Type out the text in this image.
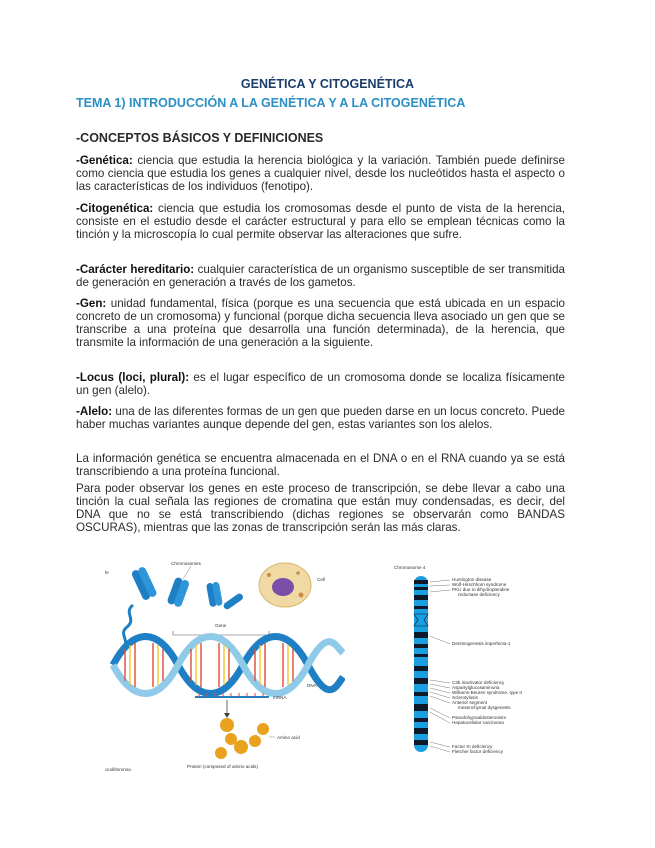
GENÉTICA Y CITOGENÉTICA
TEMA 1) INTRODUCCIÓN A LA GENÉTICA Y A LA CITOGENÉTICA
-CONCEPTOS BÁSICOS Y DEFINICIONES
-Genética: ciencia que estudia la herencia biológica y la variación. También puede definirse como ciencia que estudia los genes a cualquier nivel, desde los nucleótidos hasta el aspecto o las características de los individuos (fenotipo).
-Citogenética: ciencia que estudia los cromosomas desde el punto de vista de la herencia, consiste en el estudio desde el carácter estructural y para ello se emplean técnicas como la tinción y la microscopía lo cual permite observar las alteraciones que sufre.
-Carácter hereditario: cualquier característica de un organismo susceptible de ser transmitida de generación en generación a través de los gametos.
-Gen: unidad fundamental, física (porque es una secuencia que está ubicada en un espacio concreto de un cromosoma) y funcional (porque dicha secuencia lleva asociado un gen que se transcribe a una proteína que desarrolla una función determinada), de la herencia, que transmite la información de una generación a la siguiente.
-Locus (loci, plural): es el lugar específico de un cromosoma donde se localiza físicamente un gen (alelo).
-Alelo: una de las diferentes formas de un gen que pueden darse en un locus concreto. Puede haber muchas variantes aunque depende del gen, estas variantes son los alelos.
La información genética se encuentra almacenada en el DNA o en el RNA cuando ya se está transcribiendo a una proteína funcional.
Para poder observar los genes en este proceso de transcripción, se debe llevar a cabo una tinción la cual señala las regiones de cromatina que están muy condensadas, es decir, del DNA que no se está transcribiendo (dichas regiones se observarán como BANDAS OSCURAS), mientras que las zonas de transcripción serán las más claras.
fe
Chromosomes
Cell
Gene
DNA
mRNA
Amino acid
Protein (composed of amino acids)
ocolllmmnna
Chromosome 4
Huntington disease
Wolf-Hirschhorn syndrome
PKU due to dihydropteridine
reductase deficiency
Dentinogenesis imperfecta-1
C3b inactivator deficiency
Aspartylglucosaminuria
Williams-Beuren syndrome, type II
Sclerotylosis
Anterior segment
mesenchymal dysgenesis
Pseudohypoaldosteronism
Hepatocellular carcinoma
Factor XI deficiency
Fletcher factor deficiency
